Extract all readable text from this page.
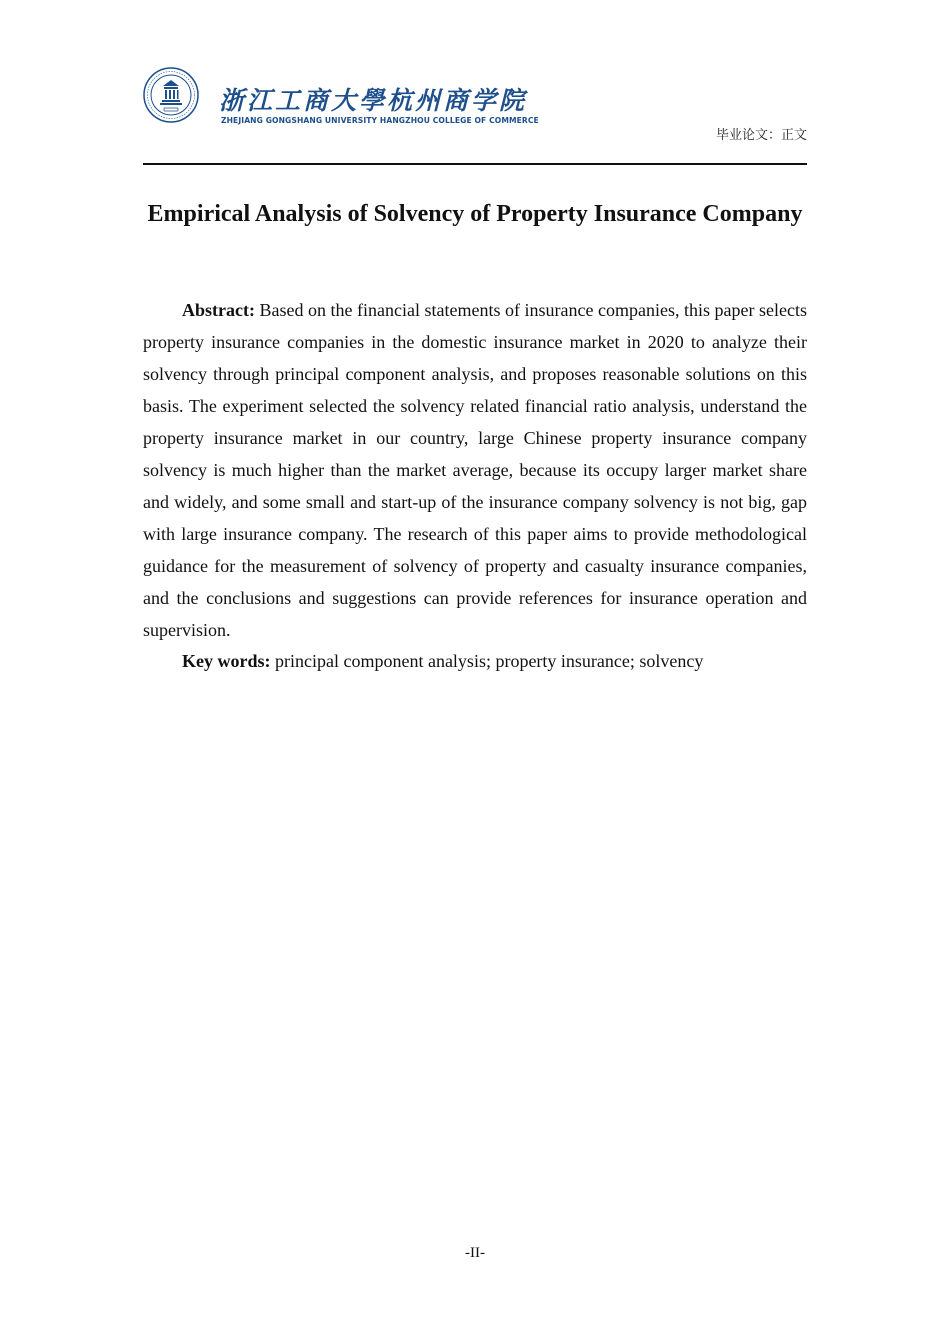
浙江工商大學杭州商学院
ZHEJIANG GONGSHANG UNIVERSITY HANGZHOU COLLEGE OF COMMERCE
毕业论文：正文
Empirical Analysis of Solvency of Property Insurance Company

Abstract: Based on the financial statements of insurance companies, this paper selects property insurance companies in the domestic insurance market in 2020 to analyze their solvency through principal component analysis, and proposes reasonable solutions on this basis. The experiment selected the solvency related financial ratio analysis, understand the property insurance market in our country, large Chinese property insurance company solvency is much higher than the market average, because its occupy larger market share and widely, and some small and start-up of the insurance company solvency is not big, gap with large insurance company. The research of this paper aims to provide methodological guidance for the measurement of solvency of property and casualty insurance companies, and the conclusions and suggestions can provide references for insurance operation and supervision.

Key words: principal component analysis; property insurance; solvency

-II-
